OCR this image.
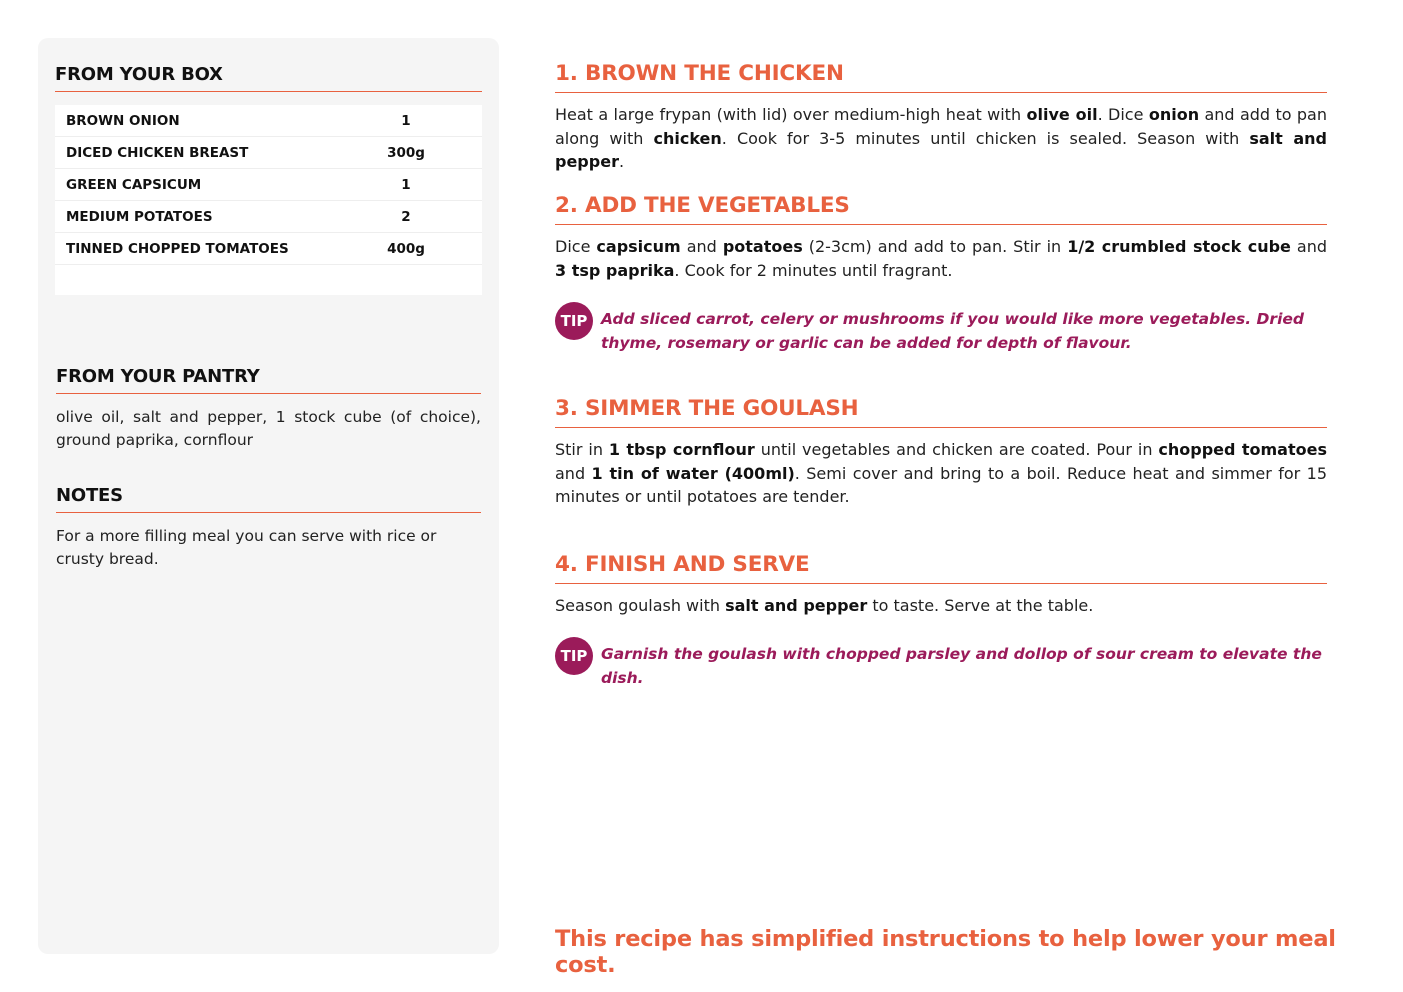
FROM YOUR BOX
BROWN ONION	1
DICED CHICKEN BREAST	300g
GREEN CAPSICUM	1
MEDIUM POTATOES	2
TINNED CHOPPED TOMATOES	400g
FROM YOUR PANTRY
olive oil, salt and pepper, 1 stock cube (of choice), ground paprika, cornflour
NOTES
For a more filling meal you can serve with rice or crusty bread.
1. BROWN THE CHICKEN
Heat a large frypan (with lid) over medium-high heat with olive oil. Dice onion and add to pan along with chicken. Cook for 3-5 minutes until chicken is sealed. Season with salt and pepper.
2. ADD THE VEGETABLES
Dice capsicum and potatoes (2-3cm) and add to pan. Stir in 1/2 crumbled stock cube and 3 tsp paprika. Cook for 2 minutes until fragrant.
TIP Add sliced carrot, celery or mushrooms if you would like more vegetables. Dried thyme, rosemary or garlic can be added for depth of flavour.
3. SIMMER THE GOULASH
Stir in 1 tbsp cornflour until vegetables and chicken are coated. Pour in chopped tomatoes and 1 tin of water (400ml). Semi cover and bring to a boil. Reduce heat and simmer for 15 minutes or until potatoes are tender.
4. FINISH AND SERVE
Season goulash with salt and pepper to taste. Serve at the table.
TIP Garnish the goulash with chopped parsley and dollop of sour cream to elevate the dish.
This recipe has simplified instructions to help lower your meal cost.
